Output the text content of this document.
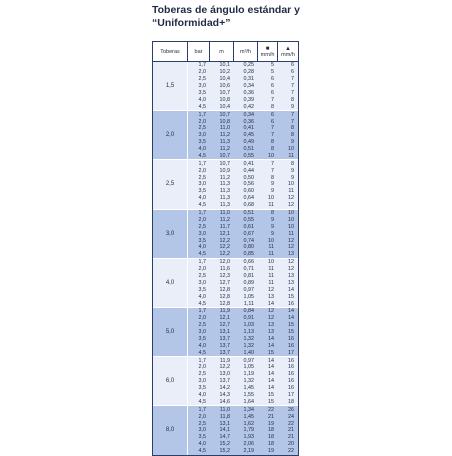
Toberas de ángulo estándar y
“Uniformidad+”
Toberas	bar	m	m³/h	■
mm/h
▲
mm/h
1,5
1,7	10,1	0,25	5	6
2,0	10,2	0,28	5	6
2,5	10,4	0,31	6	7
3,0	10,6	0,34	6	7
3,5	10,7	0,36	6	7
4,0	10,8	0,39	7	8
4,5	10,4	0,42	8	9
2,0
1,7	10,7	0,34	6	7
2,0	10,8	0,36	6	7
2,5	11,0	0,41	7	8
3,0	11,2	0,45	7	8
3,5	11,3	0,49	8	9
4,0	11,2	0,51	8	10
4,5	10,7	0,55	10	11
2,5
1,7	10,7	0,41	7	8
2,0	10,9	0,44	7	9
2,5	11,2	0,50	8	9
3,0	11,3	0,56	9	10
3,5	11,3	0,60	9	11
4,0	11,3	0,64	10	12
4,5	11,3	0,68	11	12
3,0
1,7	11,0	0,51	8	10
2,0	11,2	0,55	9	10
2,5	11,7	0,61	9	10
3,0	12,1	0,67	9	11
3,5	12,2	0,74	10	12
4,0	12,2	0,80	11	12
4,5	12,2	0,85	11	13
4,0
1,7	12,0	0,66	10	12
2,0	11,6	0,71	11	12
2,5	12,3	0,81	11	13
3,0	12,7	0,89	11	13
3,5	12,8	0,97	12	14
4,0	12,8	1,05	13	15
4,5	12,8	1,11	14	16
5,0
1,7	11,9	0,84	12	14
2,0	12,1	0,91	12	14
2,5	12,7	1,03	13	15
3,0	13,1	1,13	13	15
3,5	13,7	1,32	14	16
4,0	13,7	1,32	14	16
4,5	13,7	1,40	15	17
6,0
1,7	11,9	0,97	14	16
2,0	12,2	1,05	14	16
2,5	13,0	1,19	14	16
3,0	13,7	1,32	14	16
3,5	14,2	1,45	14	16
4,0	14,3	1,55	15	17
4,5	14,6	1,64	15	18
8,0
1,7	11,0	1,34	22	26
2,0	11,8	1,45	21	24
2,5	13,1	1,62	19	22
3,0	14,1	1,79	18	21
3,5	14,7	1,93	18	21
4,0	15,2	2,06	18	20
4,5	15,2	2,19	19	22
